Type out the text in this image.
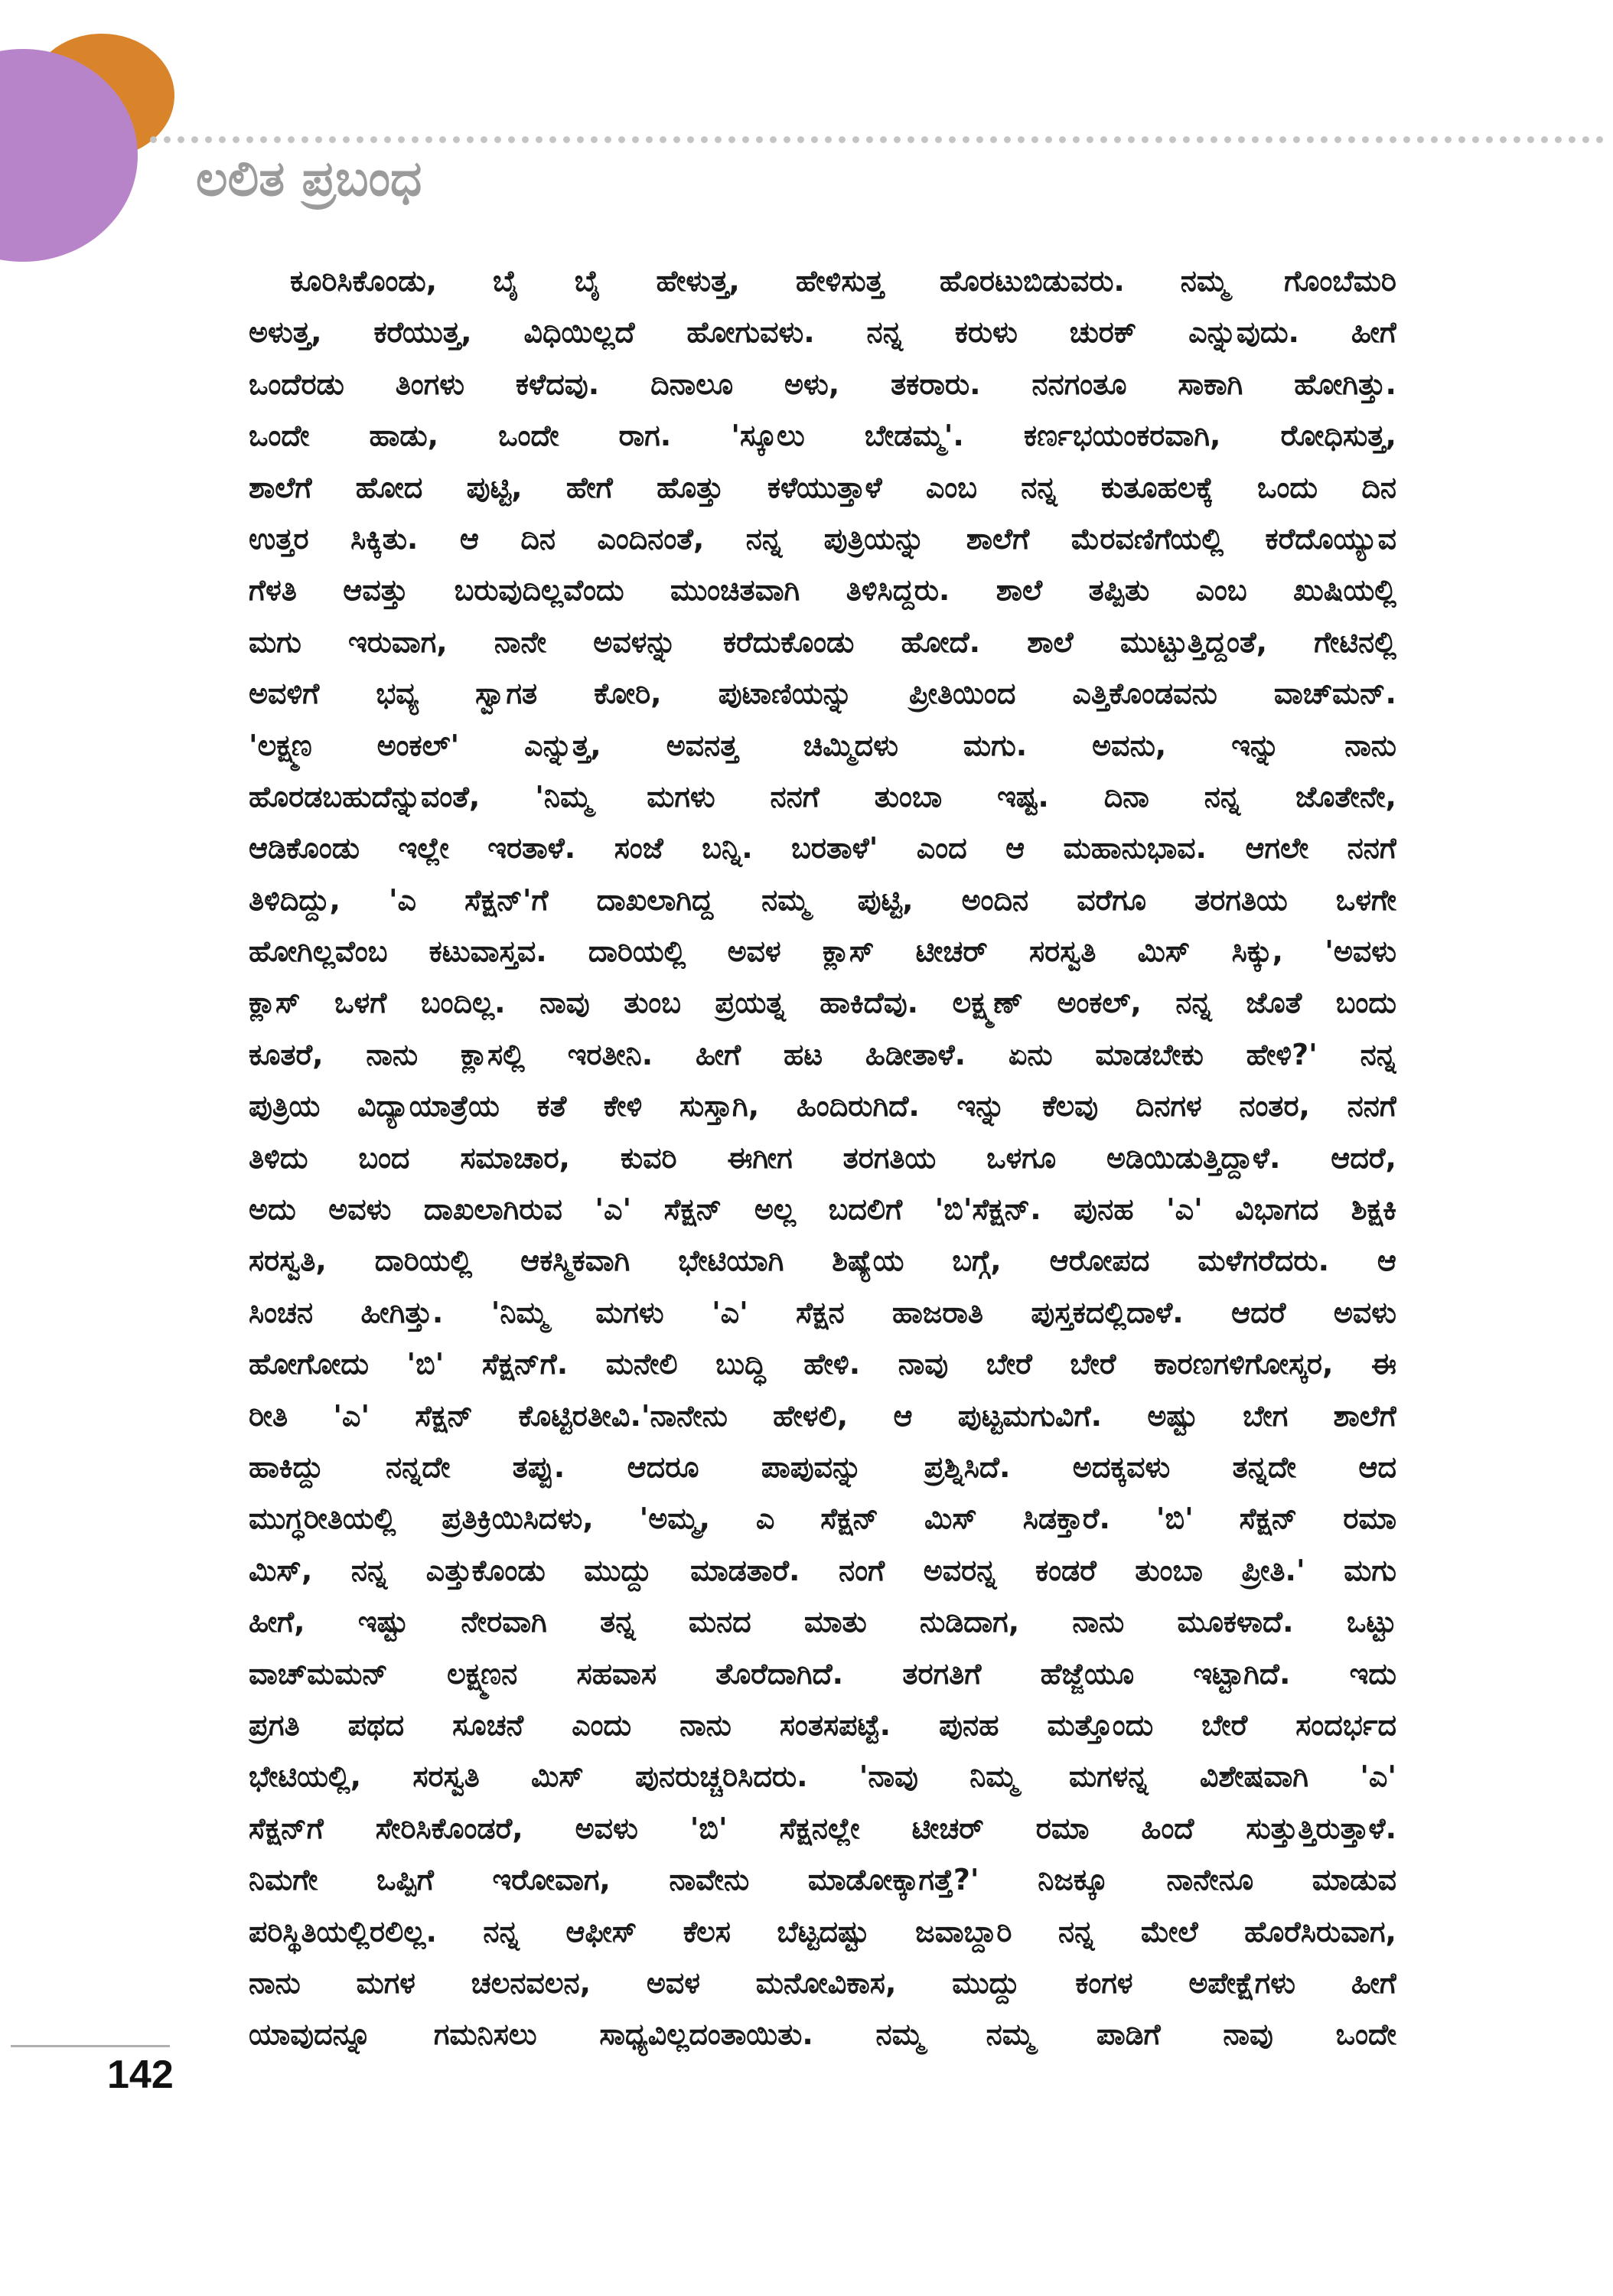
ಲಲಿತ ಪ್ರಬಂಧ
ಕೂರಿಸಿಕೊಂಡು, ಬೈ ಬೈ ಹೇಳುತ್ತ, ಹೇಳಿಸುತ್ತ ಹೊರಟುಬಿಡುವರು. ನಮ್ಮ ಗೊಂಬೆಮರಿ
ಅಳುತ್ತ, ಕರೆಯುತ್ತ, ವಿಧಿಯಿಲ್ಲದೆ ಹೋಗುವಳು. ನನ್ನ ಕರುಳು ಚುರಕ್ ಎನ್ನುವುದು. ಹೀಗೆ
ಒಂದೆರಡು ತಿಂಗಳು ಕಳೆದವು. ದಿನಾಲೂ ಅಳು, ತಕರಾರು. ನನಗಂತೂ ಸಾಕಾಗಿ ಹೋಗಿತ್ತು.
ಒಂದೇ ಹಾಡು, ಒಂದೇ ರಾಗ. 'ಸ್ಕೂಲು ಬೇಡಮ್ಮ'. ಕರ್ಣಭಯಂಕರವಾಗಿ, ರೋಧಿಸುತ್ತ,
ಶಾಲೆಗೆ ಹೋದ ಪುಟ್ಟಿ, ಹೇಗೆ ಹೊತ್ತು ಕಳೆಯುತ್ತಾಳೆ ಎಂಬ ನನ್ನ ಕುತೂಹಲಕ್ಕೆ ಒಂದು ದಿನ
ಉತ್ತರ ಸಿಕ್ಕಿತು. ಆ ದಿನ ಎಂದಿನಂತೆ, ನನ್ನ ಪುತ್ರಿಯನ್ನು ಶಾಲೆಗೆ ಮೆರವಣಿಗೆಯಲ್ಲಿ ಕರೆದೊಯ್ಯುವ
ಗೆಳತಿ ಆವತ್ತು ಬರುವುದಿಲ್ಲವೆಂದು ಮುಂಚಿತವಾಗಿ ತಿಳಿಸಿದ್ದರು. ಶಾಲೆ ತಪ್ಪಿತು ಎಂಬ ಖುಷಿಯಲ್ಲಿ
ಮಗು ಇರುವಾಗ, ನಾನೇ ಅವಳನ್ನು ಕರೆದುಕೊಂಡು ಹೋದೆ. ಶಾಲೆ ಮುಟ್ಟುತ್ತಿದ್ದಂತೆ, ಗೇಟಿನಲ್ಲಿ
ಅವಳಿಗೆ ಭವ್ಯ ಸ್ವಾಗತ ಕೋರಿ, ಪುಟಾಣಿಯನ್ನು ಪ್ರೀತಿಯಿಂದ ಎತ್ತಿಕೊಂಡವನು ವಾಚ್‌ಮನ್.
'ಲಕ್ಷ್ಮಣ ಅಂಕಲ್' ಎನ್ನುತ್ತ, ಅವನತ್ತ ಚಿಮ್ಮಿದಳು ಮಗು. ಅವನು, ಇನ್ನು ನಾನು
ಹೊರಡಬಹುದೆನ್ನುವಂತೆ, 'ನಿಮ್ಮ ಮಗಳು ನನಗೆ ತುಂಬಾ ಇಷ್ಟ. ದಿನಾ ನನ್ನ ಜೊತೇನೇ,
ಆಡಿಕೊಂಡು ಇಲ್ಲೇ ಇರತಾಳೆ. ಸಂಜೆ ಬನ್ನಿ. ಬರತಾಳೆ' ಎಂದ ಆ ಮಹಾನುಭಾವ. ಆಗಲೇ ನನಗೆ
ತಿಳಿದಿದ್ದು, 'ಎ ಸೆಕ್ಷನ್'ಗೆ ದಾಖಲಾಗಿದ್ದ ನಮ್ಮ ಪುಟ್ಟಿ, ಅಂದಿನ ವರೆಗೂ ತರಗತಿಯ ಒಳಗೇ
ಹೋಗಿಲ್ಲವೆಂಬ ಕಟುವಾಸ್ತವ. ದಾರಿಯಲ್ಲಿ ಅವಳ ಕ್ಲಾಸ್ ಟೀಚರ್ ಸರಸ್ವತಿ ಮಿಸ್ ಸಿಕ್ಕು, 'ಅವಳು
ಕ್ಲಾಸ್ ಒಳಗೆ ಬಂದಿಲ್ಲ. ನಾವು ತುಂಬ ಪ್ರಯತ್ನ ಹಾಕಿದೆವು. ಲಕ್ಷ್ಮಣ್ ಅಂಕಲ್, ನನ್ನ ಜೊತೆ ಬಂದು
ಕೂತರೆ, ನಾನು ಕ್ಲಾಸಲ್ಲಿ ಇರತೀನಿ. ಹೀಗೆ ಹಟ ಹಿಡೀತಾಳೆ. ಏನು ಮಾಡಬೇಕು ಹೇಳಿ?' ನನ್ನ
ಪುತ್ರಿಯ ವಿದ್ಯಾಯಾತ್ರೆಯ ಕತೆ ಕೇಳಿ ಸುಸ್ತಾಗಿ, ಹಿಂದಿರುಗಿದೆ. ಇನ್ನು ಕೆಲವು ದಿನಗಳ ನಂತರ, ನನಗೆ
ತಿಳಿದು ಬಂದ ಸಮಾಚಾರ, ಕುವರಿ ಈಗೀಗ ತರಗತಿಯ ಒಳಗೂ ಅಡಿಯಿಡುತ್ತಿದ್ದಾಳೆ. ಆದರೆ,
ಅದು ಅವಳು ದಾಖಲಾಗಿರುವ 'ಎ' ಸೆಕ್ಷನ್ ಅಲ್ಲ ಬದಲಿಗೆ 'ಬಿ'ಸೆಕ್ಷನ್. ಪುನಹ 'ಎ' ವಿಭಾಗದ ಶಿಕ್ಷಕಿ
ಸರಸ್ವತಿ, ದಾರಿಯಲ್ಲಿ ಆಕಸ್ಮಿಕವಾಗಿ ಭೇಟಿಯಾಗಿ ಶಿಷ್ಯೆಯ ಬಗ್ಗೆ, ಆರೋಪದ ಮಳೆಗರೆದರು. ಆ
ಸಿಂಚನ ಹೀಗಿತ್ತು. 'ನಿಮ್ಮ ಮಗಳು 'ಎ' ಸೆಕ್ಷನ ಹಾಜರಾತಿ ಪುಸ್ತಕದಲ್ಲಿದಾಳೆ. ಆದರೆ ಅವಳು
ಹೋಗೋದು 'ಬಿ' ಸೆಕ್ಷನ್‌ಗೆ. ಮನೇಲಿ ಬುದ್ಧಿ ಹೇಳಿ. ನಾವು ಬೇರೆ ಬೇರೆ ಕಾರಣಗಳಿಗೋಸ್ಕರ, ಈ
ರೀತಿ 'ಎ' ಸೆಕ್ಷನ್ ಕೊಟ್ಟಿರತೀವಿ.'ನಾನೇನು ಹೇಳಲಿ, ಆ ಪುಟ್ಟಮಗುವಿಗೆ. ಅಷ್ಟು ಬೇಗ ಶಾಲೆಗೆ
ಹಾಕಿದ್ದು ನನ್ನದೇ ತಪ್ಪು. ಆದರೂ ಪಾಪುವನ್ನು ಪ್ರಶ್ನಿಸಿದೆ. ಅದಕ್ಕವಳು ತನ್ನದೇ ಆದ
ಮುಗ್ಧರೀತಿಯಲ್ಲಿ ಪ್ರತಿಕ್ರಿಯಿಸಿದಳು, 'ಅಮ್ಮ, ಎ ಸೆಕ್ಷನ್ ಮಿಸ್ ಸಿಡಕ್ತಾರೆ. 'ಬಿ' ಸೆಕ್ಷನ್ ರಮಾ
ಮಿಸ್, ನನ್ನ ಎತ್ತುಕೊಂಡು ಮುದ್ದು ಮಾಡತಾರೆ. ನಂಗೆ ಅವರನ್ನ ಕಂಡರೆ ತುಂಬಾ ಪ್ರೀತಿ.' ಮಗು
ಹೀಗೆ, ಇಷ್ಟು ನೇರವಾಗಿ ತನ್ನ ಮನದ ಮಾತು ನುಡಿದಾಗ, ನಾನು ಮೂಕಳಾದೆ. ಒಟ್ಟು
ವಾಚ್‌ಮಮನ್ ಲಕ್ಷ್ಮಣನ ಸಹವಾಸ ತೊರೆದಾಗಿದೆ. ತರಗತಿಗೆ ಹೆಜ್ಜೆಯೂ ಇಟ್ಟಾಗಿದೆ. ಇದು
ಪ್ರಗತಿ ಪಥದ ಸೂಚನೆ ಎಂದು ನಾನು ಸಂತಸಪಟ್ಟೆ. ಪುನಹ ಮತ್ತೊಂದು ಬೇರೆ ಸಂದರ್ಭದ
ಭೇಟಿಯಲ್ಲಿ, ಸರಸ್ವತಿ ಮಿಸ್ ಪುನರುಚ್ಚರಿಸಿದರು. 'ನಾವು ನಿಮ್ಮ ಮಗಳನ್ನ ವಿಶೇಷವಾಗಿ 'ಎ'
ಸೆಕ್ಷನ್‌ಗೆ ಸೇರಿಸಿಕೊಂಡರೆ, ಅವಳು 'ಬಿ' ಸೆಕ್ಷನಲ್ಲೇ ಟೀಚರ್ ರಮಾ ಹಿಂದೆ ಸುತ್ತುತ್ತಿರುತ್ತಾಳೆ.
ನಿಮಗೇ ಒಪ್ಪಿಗೆ ಇರೋವಾಗ, ನಾವೇನು ಮಾಡೋಕ್ಕಾಗತ್ತೆ?' ನಿಜಕ್ಕೂ ನಾನೇನೂ ಮಾಡುವ
ಪರಿಸ್ಥಿತಿಯಲ್ಲಿರಲಿಲ್ಲ. ನನ್ನ ಆಫೀಸ್ ಕೆಲಸ ಬೆಟ್ಟದಷ್ಟು ಜವಾಬ್ದಾರಿ ನನ್ನ ಮೇಲೆ ಹೊರೆಸಿರುವಾಗ,
ನಾನು ಮಗಳ ಚಲನವಲನ, ಅವಳ ಮನೋವಿಕಾಸ, ಮುದ್ದು ಕಂಗಳ ಅಪೇಕ್ಷೆಗಳು ಹೀಗೆ
ಯಾವುದನ್ನೂ ಗಮನಿಸಲು ಸಾಧ್ಯವಿಲ್ಲದಂತಾಯಿತು. ನಮ್ಮ ನಮ್ಮ ಪಾಡಿಗೆ ನಾವು ಒಂದೇ
142
